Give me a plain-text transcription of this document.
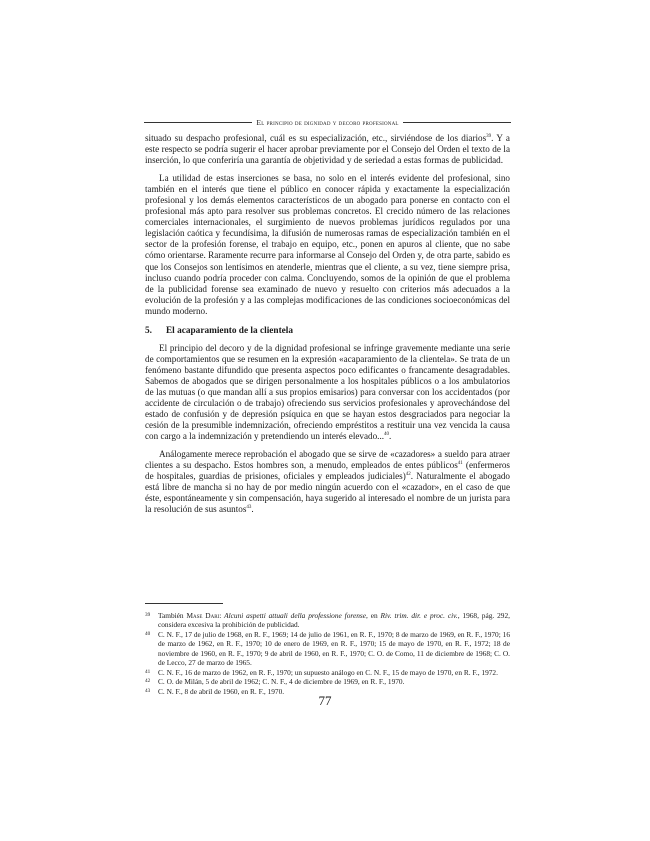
El principio de dignidad y decoro profesional

situado su despacho profesional, cuál es su especialización, etc., sirviéndose de los diarios$^{39}$. Y a este respecto se podría sugerir el hacer aprobar previamente por el Consejo del Orden el texto de la inserción, lo que conferiría una garantía de objetividad y de seriedad a estas formas de publicidad.

La utilidad de estas inserciones se basa, no solo en el interés evidente del profesional, sino también en el interés que tiene el público en conocer rápida y exactamente la especialización profesional y los demás elementos característicos de un abogado para ponerse en contacto con el profesional más apto para resolver sus problemas concretos. El crecido número de las relaciones comerciales internacionales, el surgimiento de nuevos problemas jurídicos regulados por una legislación caótica y fecundísima, la difusión de numerosas ramas de especialización también en el sector de la profesión forense, el trabajo en equipo, etc., ponen en apuros al cliente, que no sabe cómo orientarse. Raramente recurre para informarse al Consejo del Orden y, de otra parte, sabido es que los Consejos son lentísimos en atenderle, mientras que el cliente, a su vez, tiene siempre prisa, incluso cuando podría proceder con calma. Concluyendo, somos de la opinión de que el problema de la publicidad forense sea examinado de nuevo y resuelto con criterios más adecuados a la evolución de la profesión y a las complejas modificaciones de las condiciones socioeconómicas del mundo moderno.

5. El acaparamiento de la clientela

El principio del decoro y de la dignidad profesional se infringe gravemente mediante una serie de comportamientos que se resumen en la expresión «acaparamiento de la clientela». Se trata de un fenómeno bastante difundido que presenta aspectos poco edificantes o francamente desagradables. Sabemos de abogados que se dirigen personalmente a los hospitales públicos o a los ambulatorios de las mutuas (o que mandan allí a sus propios emisarios) para conversar con los accidentados (por accidente de circulación o de trabajo) ofreciendo sus servicios profesionales y aprovechándose del estado de confusión y de depresión psíquica en que se hayan estos desgraciados para negociar la cesión de la presumible indemnización, ofreciendo empréstitos a restituir una vez vencida la causa con cargo a la indemnización y pretendiendo un interés elevado...$^{40}$.

Análogamente merece reprobación el abogado que se sirve de «cazadores» a sueldo para atraer clientes a su despacho. Estos hombres son, a menudo, empleados de entes públicos$^{41}$ (enfermeros de hospitales, guardias de prisiones, oficiales y empleados judiciales)$^{42}$. Naturalmente el abogado está libre de mancha si no hay de por medio ningún acuerdo con el «cazador», en el caso de que éste, espontáneamente y sin compensación, haya sugerido al interesado el nombre de un jurista para la resolución de sus asuntos$^{43}$.

39	También Mase Dari: Alcuni aspetti attuali della professione forense, en Riv. trim. dir. e proc. civ., 1968, pág. 292, considera excesiva la prohibición de publicidad.
40	C. N. F., 17 de julio de 1968, en R. F., 1969; 14 de julio de 1961, en R. F., 1970; 8 de marzo de 1969, en R. F., 1970; 16 de marzo de 1962, en R. F., 1970; 10 de enero de 1969, en R. F., 1970; 15 de mayo de 1970, en R. F., 1972; 18 de noviembre de 1960, en R. F., 1970; 9 de abril de 1960, en R. F., 1970; C. O. de Como, 11 de diciembre de 1968; C. O. de Lecco, 27 de marzo de 1965.
41	C. N. F., 16 de marzo de 1962, en R. F., 1970; un supuesto análogo en C. N. F., 15 de mayo de 1970, en R. F., 1972.
42	C. O. de Milán, 5 de abril de 1962; C. N. F., 4 de diciembre de 1969, en R. F., 1970.
43	C. N. F., 8 de abril de 1960, en R. F., 1970.
77
